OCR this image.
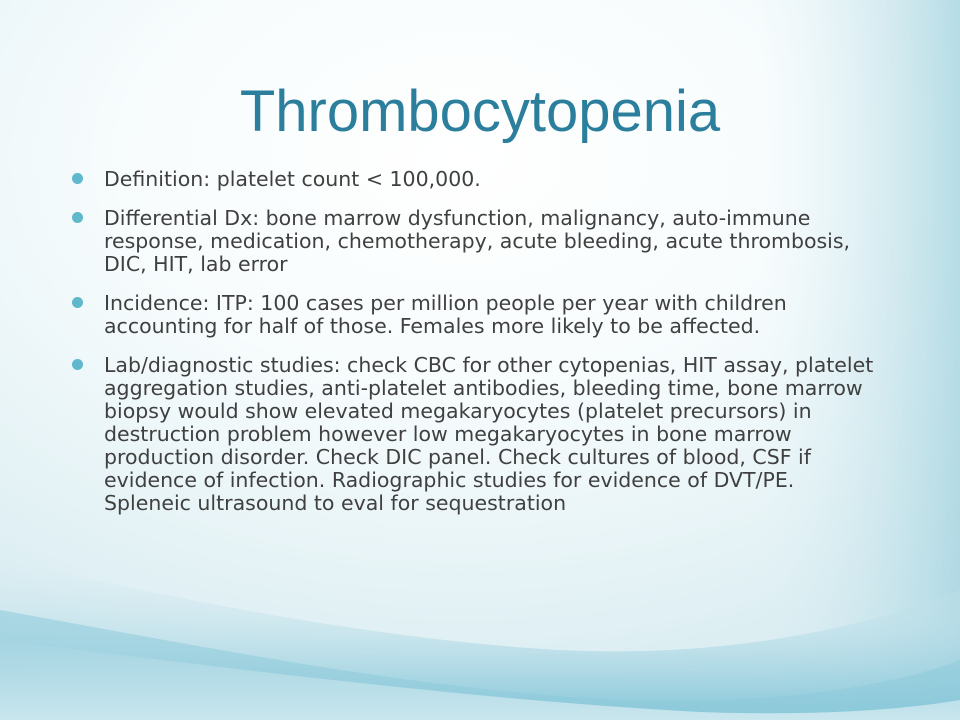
Thrombocytopenia
Definition: platelet count < 100,000.
Differential Dx: bone marrow dysfunction, malignancy, auto-immune response, medication, chemotherapy, acute bleeding, acute thrombosis, DIC, HIT, lab error
Incidence: ITP: 100 cases per million people per year with children accounting for half of those. Females more likely to be affected.
Lab/diagnostic studies: check CBC for other cytopenias, HIT assay, platelet aggregation studies, anti-platelet antibodies, bleeding time, bone marrow biopsy would show elevated megakaryocytes (platelet precursors) in destruction problem however low megakaryocytes in bone marrow production disorder. Check DIC panel. Check cultures of blood, CSF if evidence of infection. Radiographic studies for evidence of DVT/PE. Spleneic ultrasound to eval for sequestration
